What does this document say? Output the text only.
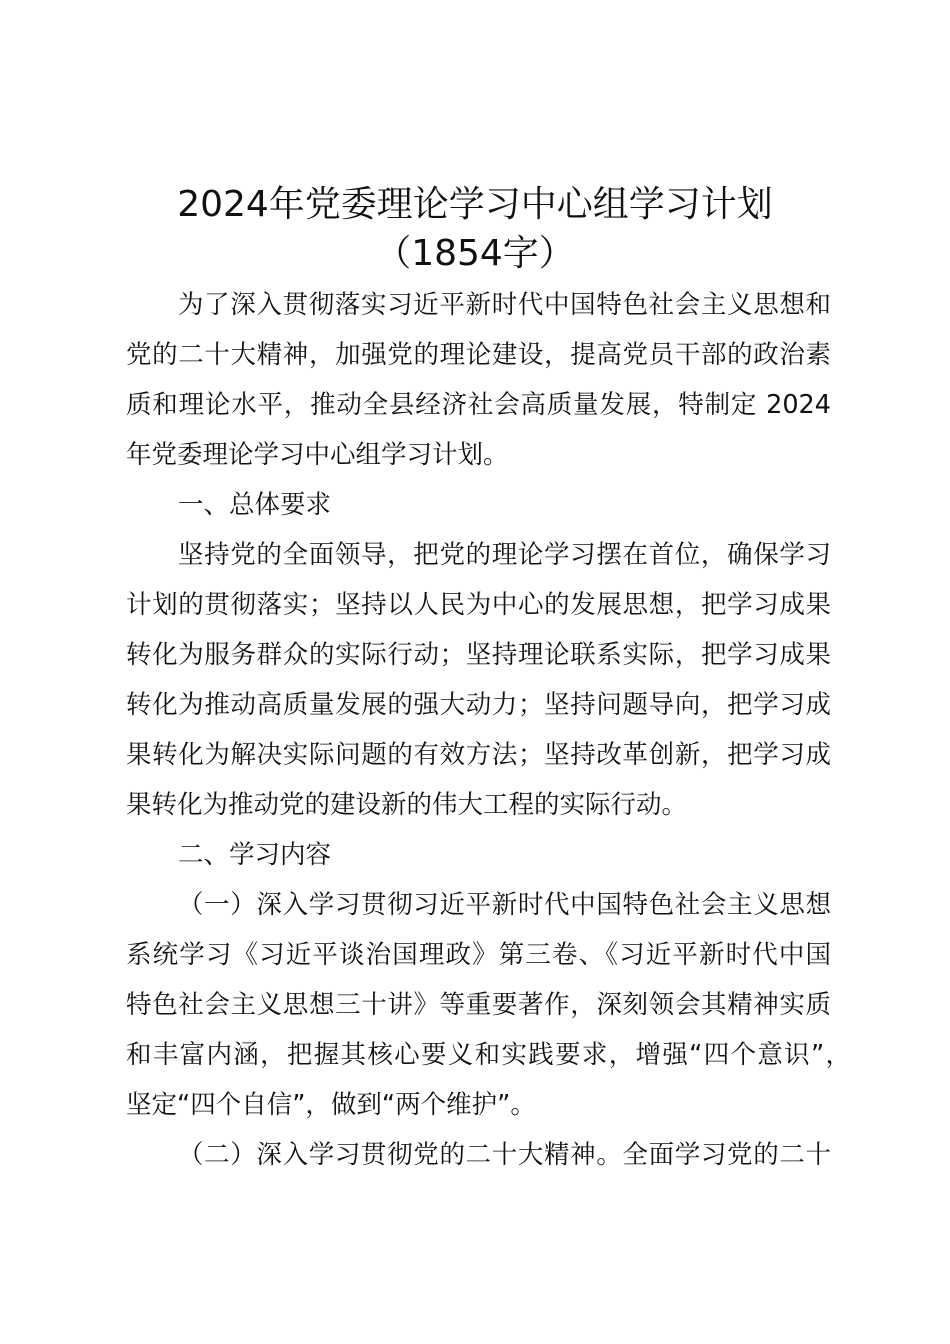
2024年党委理论学习中心组学习计划
（1854字）
为了深入贯彻落实习近平新时代中国特色社会主义思想和
党的二十大精神，加强党的理论建设，提高党员干部的政治素
质和理论水平，推动全县经济社会高质量发展，特制定 2024
年党委理论学习中心组学习计划。
一、总体要求
坚持党的全面领导，把党的理论学习摆在首位，确保学习
计划的贯彻落实；坚持以人民为中心的发展思想，把学习成果
转化为服务群众的实际行动；坚持理论联系实际，把学习成果
转化为推动高质量发展的强大动力；坚持问题导向，把学习成
果转化为解决实际问题的有效方法；坚持改革创新，把学习成
果转化为推动党的建设新的伟大工程的实际行动。
二、学习内容
（一）深入学习贯彻习近平新时代中国特色社会主义思想
系统学习《习近平谈治国理政》第三卷、《习近平新时代中国
特色社会主义思想三十讲》等重要著作，深刻领会其精神实质
和丰富内涵，把握其核心要义和实践要求，增强“四个意识”，
坚定“四个自信”，做到“两个维护”。
（二）深入学习贯彻党的二十大精神。全面学习党的二十
